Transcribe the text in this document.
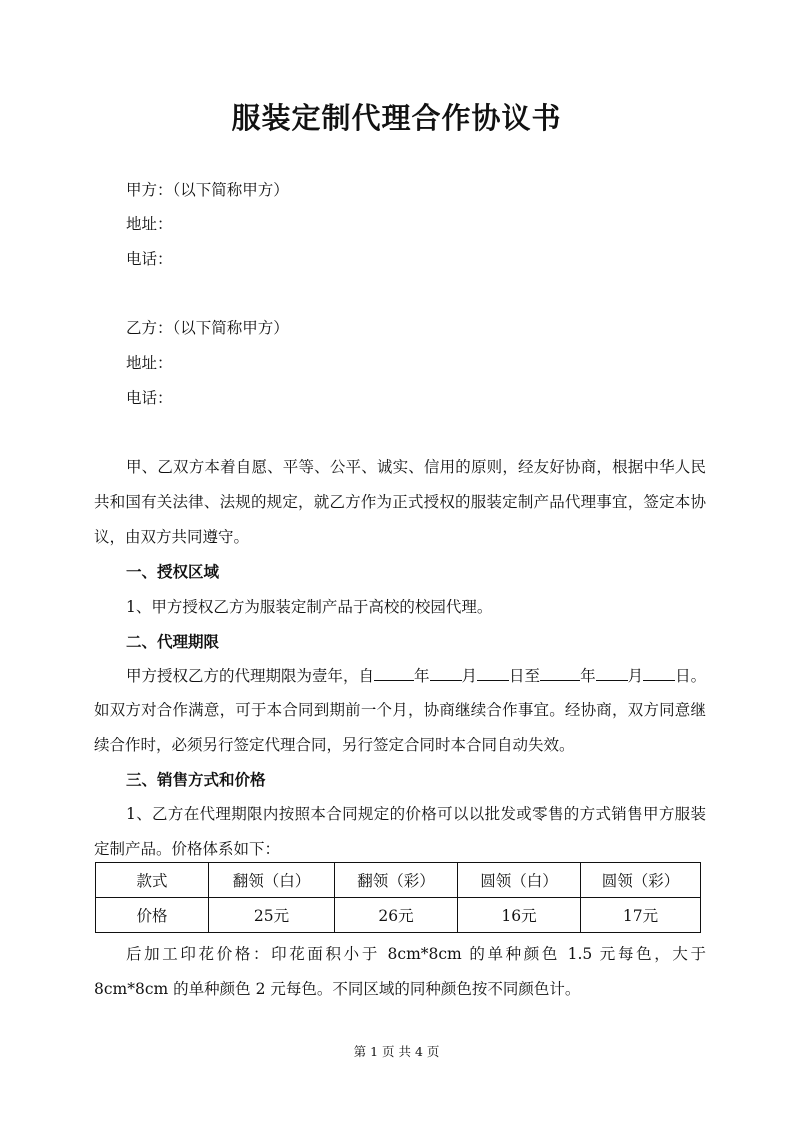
服装定制代理合作协议书
甲方：（以下简称甲方）
地址：
电话：
乙方：（以下简称甲方）
地址：
电话：
甲、乙双方本着自愿、平等、公平、诚实、信用的原则，经友好协商，根据中华人民共和国有关法律、法规的规定，就乙方作为正式授权的服装定制产品代理事宜，签定本协议，由双方共同遵守。
一、授权区域
1、甲方授权乙方为服装定制产品于高校的校园代理。
二、代理期限
甲方授权乙方的代理期限为壹年，自	年 月 日至	年 月 日。
如双方对合作满意，可于本合同到期前一个月，协商继续合作事宜。经协商，双方同意继续合作时，必须另行签定代理合同，另行签定合同时本合同自动失效。
三、销售方式和价格
1、乙方在代理期限内按照本合同规定的价格可以以批发或零售的方式销售甲方服装定制产品。价格体系如下：
款式	翻领（白）	翻领（彩）	圆领（白）	圆领（彩）
价格	25元	26元	16元	17元
后加工印花价格：印花面积小于 8cm*8cm 的单种颜色 1.5 元每色，大于 8cm*8cm 的单种颜色 2 元每色。不同区域的同种颜色按不同颜色计。
第 1 页 共 4 页
